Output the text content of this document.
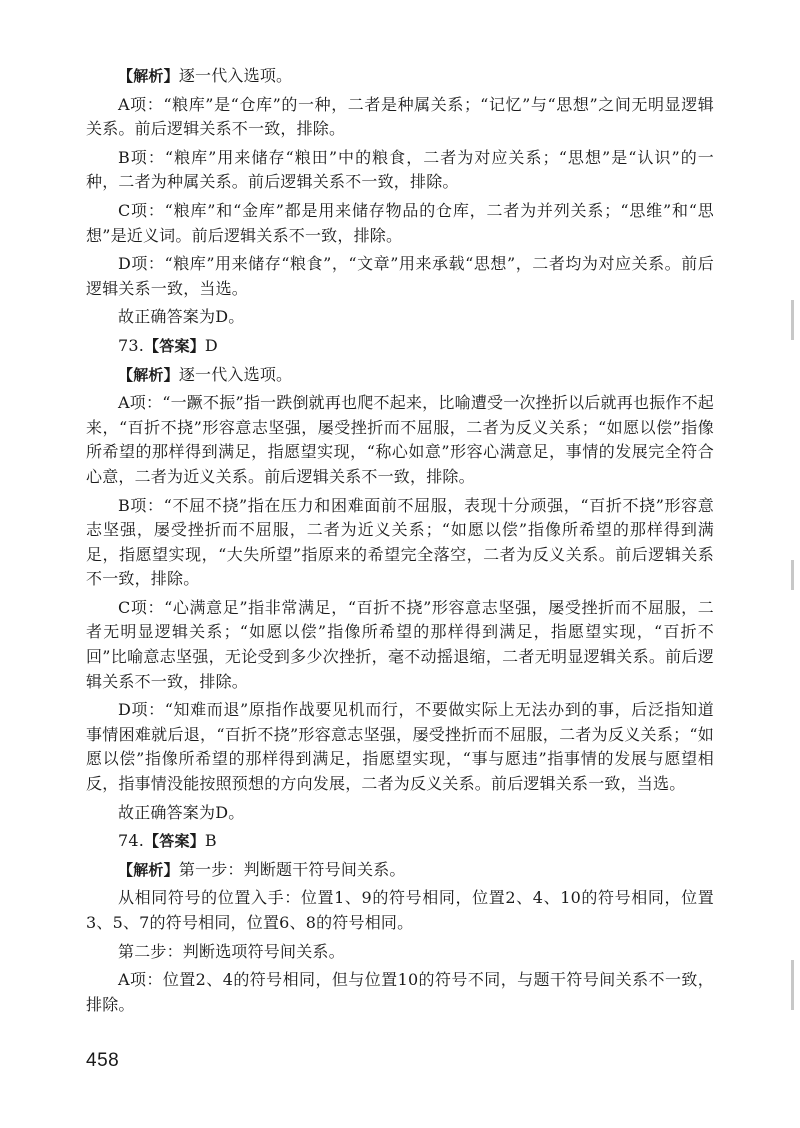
【解析】逐一代入选项。

A项：“粮库”是“仓库”的一种，二者是种属关系；“记忆”与“思想”之间无明显逻辑关系。前后逻辑关系不一致，排除。

B项：“粮库”用来储存“粮田”中的粮食，二者为对应关系；“思想”是“认识”的一种，二者为种属关系。前后逻辑关系不一致，排除。

C项：“粮库”和“金库”都是用来储存物品的仓库，二者为并列关系；“思维”和“思想”是近义词。前后逻辑关系不一致，排除。

D项：“粮库”用来储存“粮食”，“文章”用来承载“思想”，二者均为对应关系。前后逻辑关系一致，当选。

故正确答案为D。

73.【答案】D

【解析】逐一代入选项。

A项：“一蹶不振”指一跌倒就再也爬不起来，比喻遭受一次挫折以后就再也振作不起来，“百折不挠”形容意志坚强，屡受挫折而不屈服，二者为反义关系；“如愿以偿”指像所希望的那样得到满足，指愿望实现，“称心如意”形容心满意足，事情的发展完全符合心意，二者为近义关系。前后逻辑关系不一致，排除。

B项：“不屈不挠”指在压力和困难面前不屈服，表现十分顽强，“百折不挠”形容意志坚强，屡受挫折而不屈服，二者为近义关系；“如愿以偿”指像所希望的那样得到满足，指愿望实现，“大失所望”指原来的希望完全落空，二者为反义关系。前后逻辑关系不一致，排除。

C项：“心满意足”指非常满足，“百折不挠”形容意志坚强，屡受挫折而不屈服，二者无明显逻辑关系；“如愿以偿”指像所希望的那样得到满足，指愿望实现，“百折不回”比喻意志坚强，无论受到多少次挫折，毫不动摇退缩，二者无明显逻辑关系。前后逻辑关系不一致，排除。

D项：“知难而退”原指作战要见机而行，不要做实际上无法办到的事，后泛指知道事情困难就后退，“百折不挠”形容意志坚强，屡受挫折而不屈服，二者为反义关系；“如愿以偿”指像所希望的那样得到满足，指愿望实现，“事与愿违”指事情的发展与愿望相反，指事情没能按照预想的方向发展，二者为反义关系。前后逻辑关系一致，当选。

故正确答案为D。

74.【答案】B

【解析】第一步：判断题干符号间关系。

从相同符号的位置入手：位置1、9的符号相同，位置2、4、10的符号相同，位置3、5、7的符号相同，位置6、8的符号相同。

第二步：判断选项符号间关系。

A项：位置2、4的符号相同，但与位置10的符号不同，与题干符号间关系不一致，排除。

458
